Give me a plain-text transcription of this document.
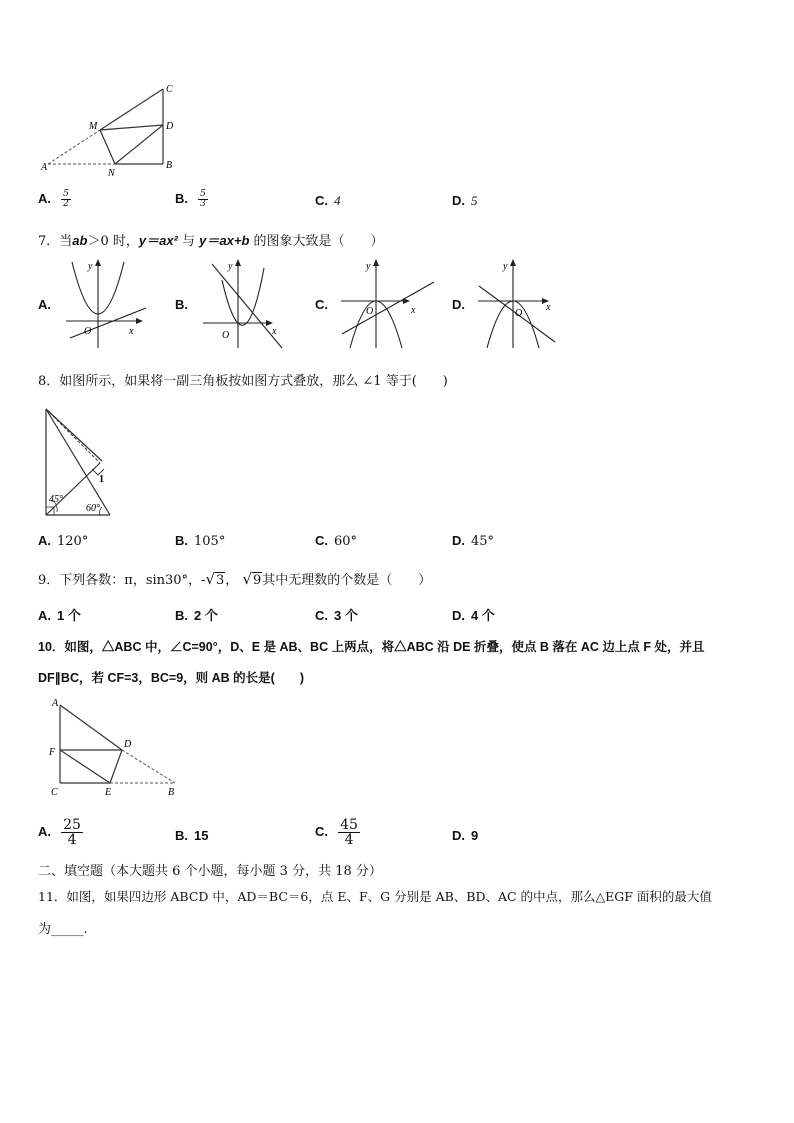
A
M
N
D
C
B
A. $\frac{5}{2}$	B. $\frac{5}{3}$	C. 4	D. 5
7．当ab＞0 时，y＝ax² 与 y＝ax+b 的图象大致是（　　）
A.	B.	C.	D.
y
x
O
y
x
O
y
x
O
y
x
O
8．如图所示，如果将一副三角板按如图方式叠放，那么 ∠1 等于(　　)
45°
60°
1
A. 120°	B. 105°	C. 60°	D. 45°
9．下列各数：π，sin30°，-√3， √9其中无理数的个数是（　　）
A. 1 个	B. 2 个	C. 3 个	D. 4 个
10．如图，△ABC 中，∠C=90°，D、E 是 AB、BC 上两点，将△ABC 沿 DE 折叠，使点 B 落在 AC 边上点 F 处，并且
DF∥BC，若 CF=3，BC=9，则 AB 的长是(　　)
A
F
C
D
E	B
A. $\frac{25}{4}$	B. 15	C. $\frac{45}{4}$	D. 9
二、填空题（本大题共 6 个小题，每小题 3 分，共 18 分）
11．如图，如果四边形 ABCD 中，AD＝BC＝6，点 E、F、G 分别是 AB、BD、AC 的中点，那么△EGF 面积的最大值
为_____.
